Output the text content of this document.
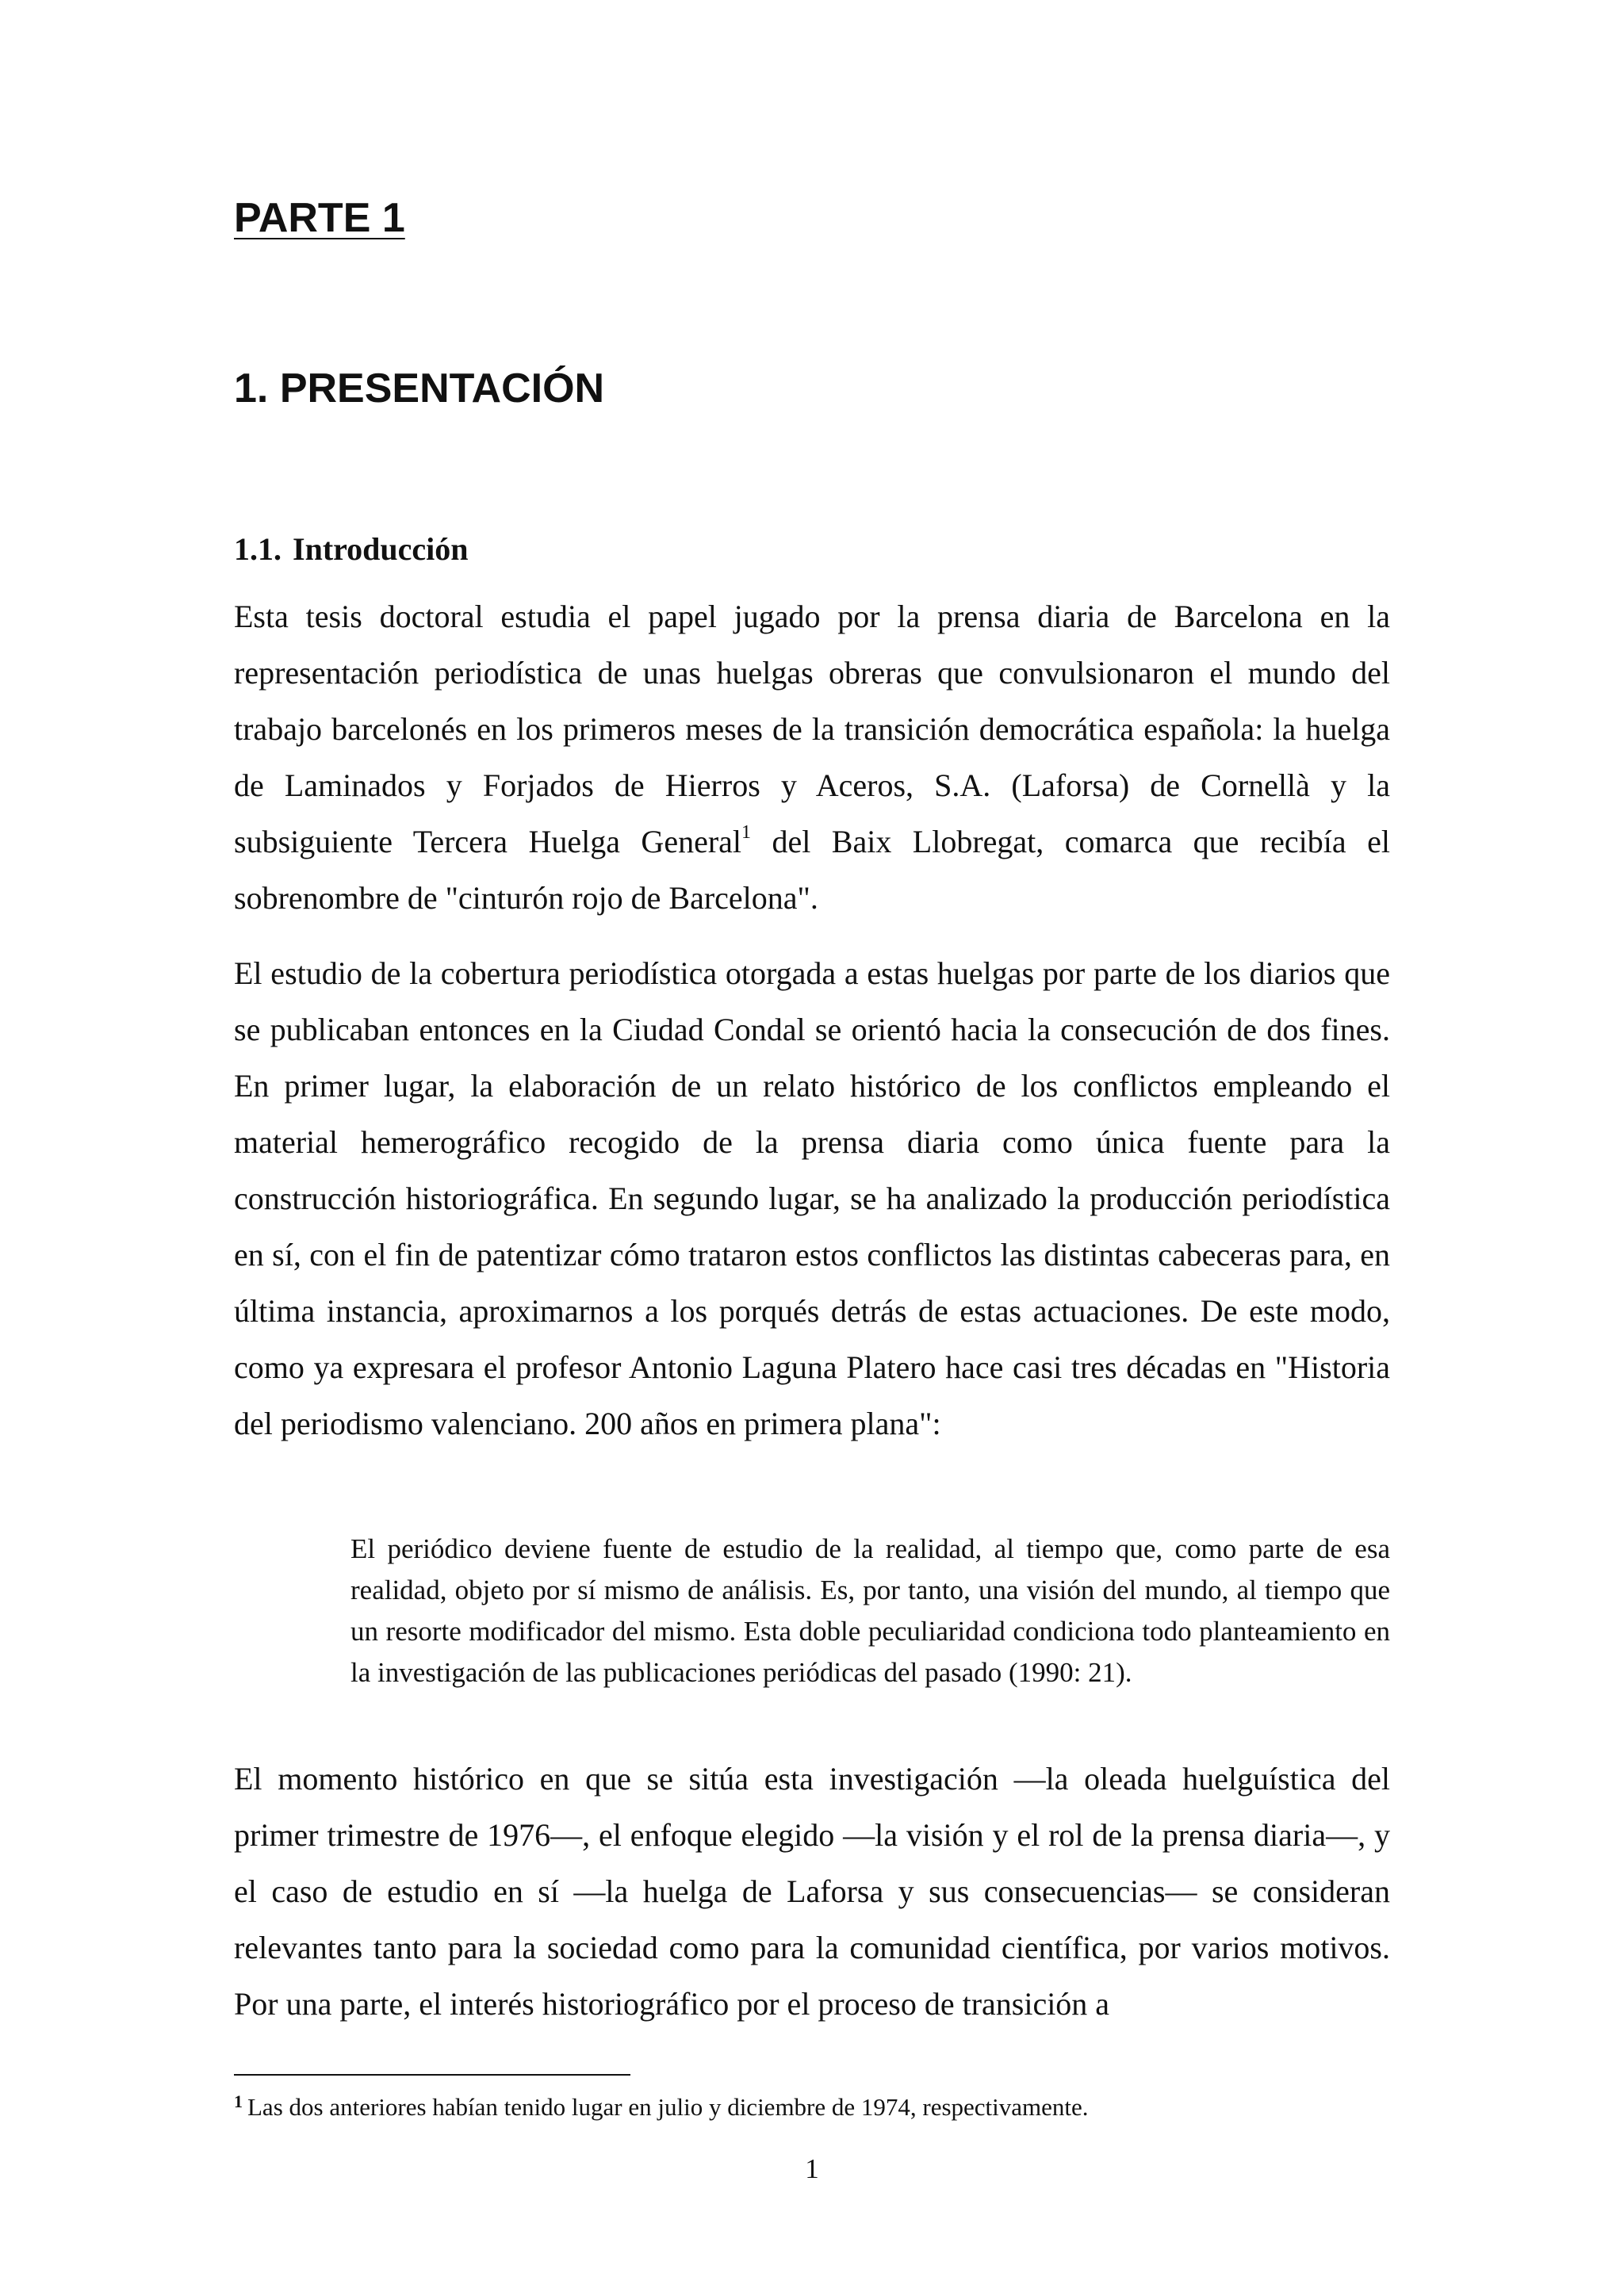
PARTE 1
1. PRESENTACIÓN
1.1. Introducción

Esta tesis doctoral estudia el papel jugado por la prensa diaria de Barcelona en la representación periodística de unas huelgas obreras que convulsionaron el mundo del trabajo barcelonés en los primeros meses de la transición democrática española: la huelga de Laminados y Forjados de Hierros y Aceros, S.A. (Laforsa) de Cornellà y la subsiguiente Tercera Huelga General$^1$ del Baix Llobregat, comarca que recibía el sobrenombre de "cinturón rojo de Barcelona".

El estudio de la cobertura periodística otorgada a estas huelgas por parte de los diarios que se publicaban entonces en la Ciudad Condal se orientó hacia la consecución de dos fines. En primer lugar, la elaboración de un relato histórico de los conflictos empleando el material hemerográfico recogido de la prensa diaria como única fuente para la construcción historiográfica. En segundo lugar, se ha analizado la producción periodística en sí, con el fin de patentizar cómo trataron estos conflictos las distintas cabeceras para, en última instancia, aproximarnos a los porqués detrás de estas actuaciones. De este modo, como ya expresara el profesor Antonio Laguna Platero hace casi tres décadas en "Historia del periodismo valenciano. 200 años en primera plana":

El periódico deviene fuente de estudio de la realidad, al tiempo que, como parte de esa realidad, objeto por sí mismo de análisis. Es, por tanto, una visión del mundo, al tiempo que un resorte modificador del mismo. Esta doble peculiaridad condiciona todo planteamiento en la investigación de las publicaciones periódicas del pasado (1990: 21).

El momento histórico en que se sitúa esta investigación —la oleada huelguística del primer trimestre de 1976—, el enfoque elegido —la visión y el rol de la prensa diaria—, y el caso de estudio en sí —la huelga de Laforsa y sus consecuencias— se consideran relevantes tanto para la sociedad como para la comunidad científica, por varios motivos. Por una parte, el interés historiográfico por el proceso de transición a

$^1$ Las dos anteriores habían tenido lugar en julio y diciembre de 1974, respectivamente.

1
